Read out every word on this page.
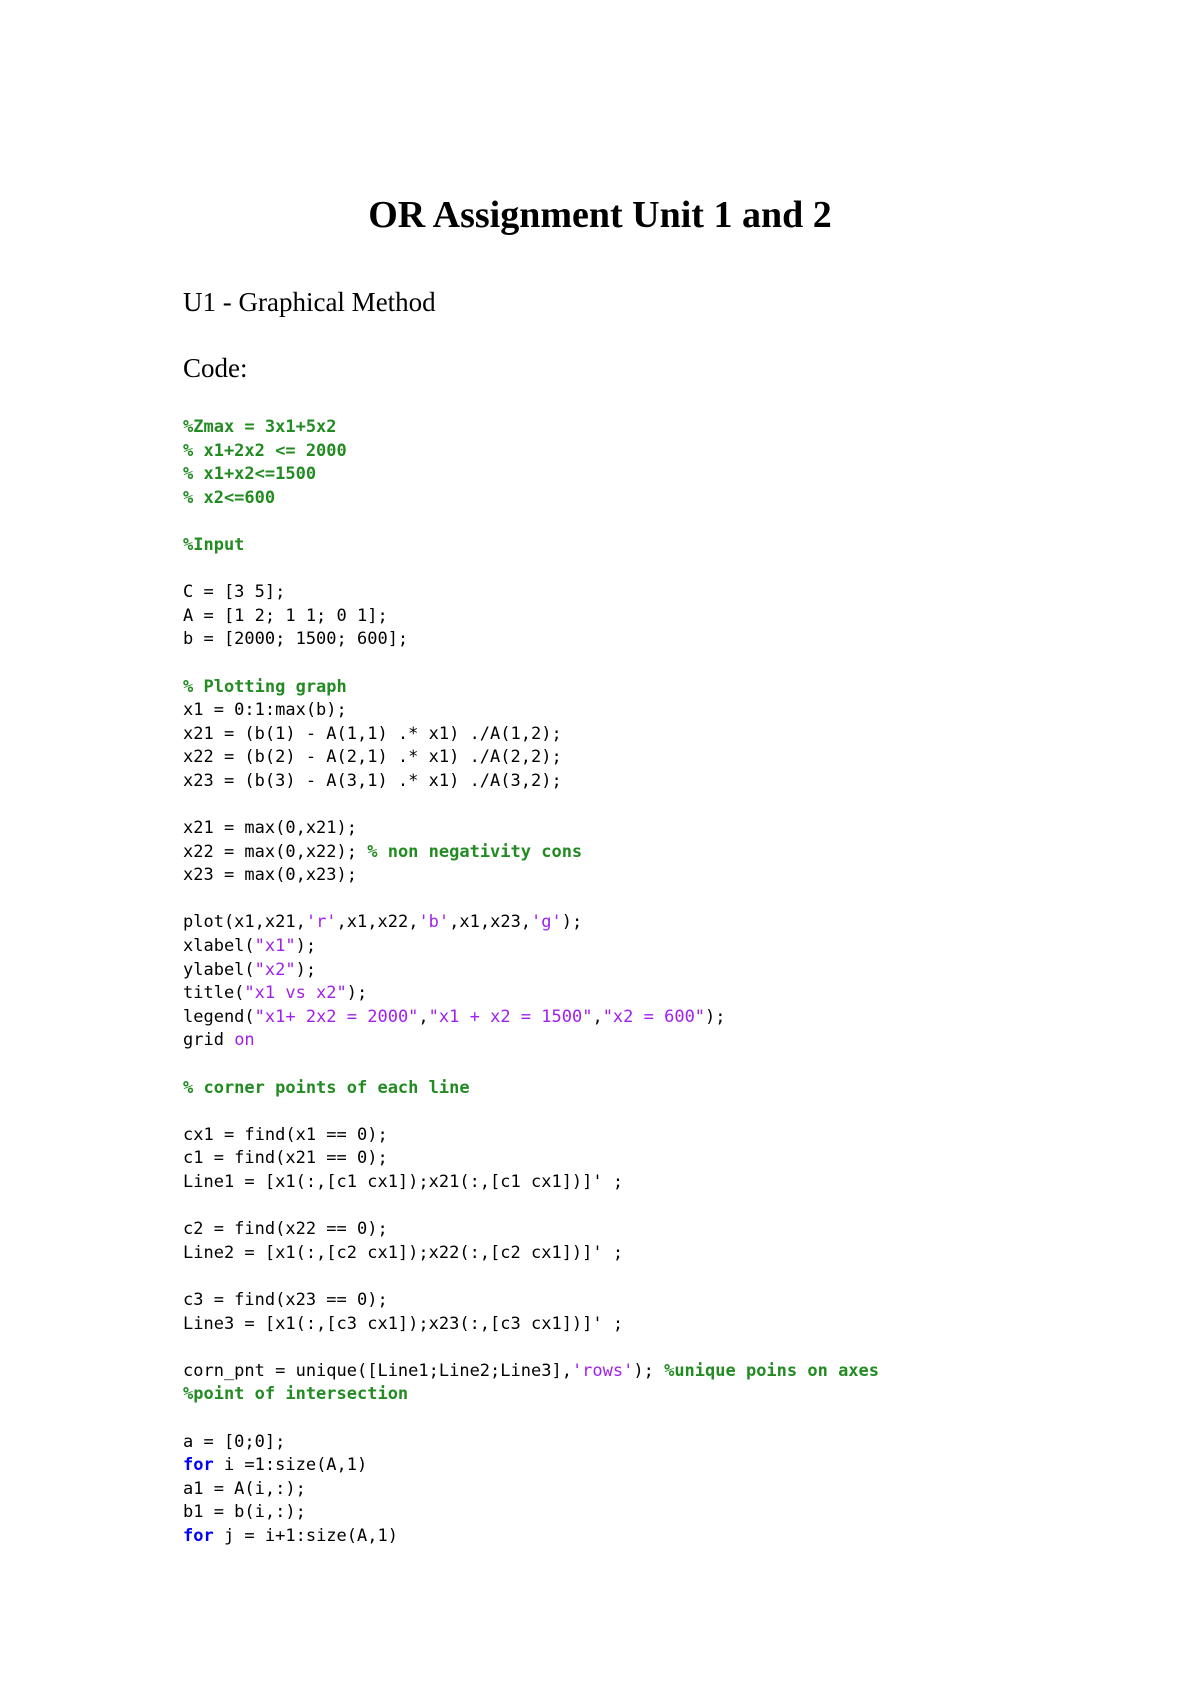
OR Assignment Unit 1 and 2
U1 - Graphical Method
Code:
%Zmax = 3x1+5x2
% x1+2x2 <= 2000
% x1+x2<=1500
% x2<=600

%Input

C = [3 5];
A = [1 2; 1 1; 0 1];
b = [2000; 1500; 600];

% Plotting graph
x1 = 0:1:max(b);
x21 = (b(1) - A(1,1) .* x1) ./A(1,2);
x22 = (b(2) - A(2,1) .* x1) ./A(2,2);
x23 = (b(3) - A(3,1) .* x1) ./A(3,2);

x21 = max(0,x21);
x22 = max(0,x22); % non negativity cons
x23 = max(0,x23);

plot(x1,x21,'r',x1,x22,'b',x1,x23,'g');
xlabel("x1");
ylabel("x2");
title("x1 vs x2");
legend("x1+ 2x2 = 2000","x1 + x2 = 1500","x2 = 600");
grid on

% corner points of each line

cx1 = find(x1 == 0);
c1 = find(x21 == 0);
Line1 = [x1(:,[c1 cx1]);x21(:,[c1 cx1])]' ;

c2 = find(x22 == 0);
Line2 = [x1(:,[c2 cx1]);x22(:,[c2 cx1])]' ;

c3 = find(x23 == 0);
Line3 = [x1(:,[c3 cx1]);x23(:,[c3 cx1])]' ;

corn_pnt = unique([Line1;Line2;Line3],'rows'); %unique poins on axes
%point of intersection

a = [0;0];
for i =1:size(A,1)
a1 = A(i,:);
b1 = b(i,:);
for j = i+1:size(A,1)
